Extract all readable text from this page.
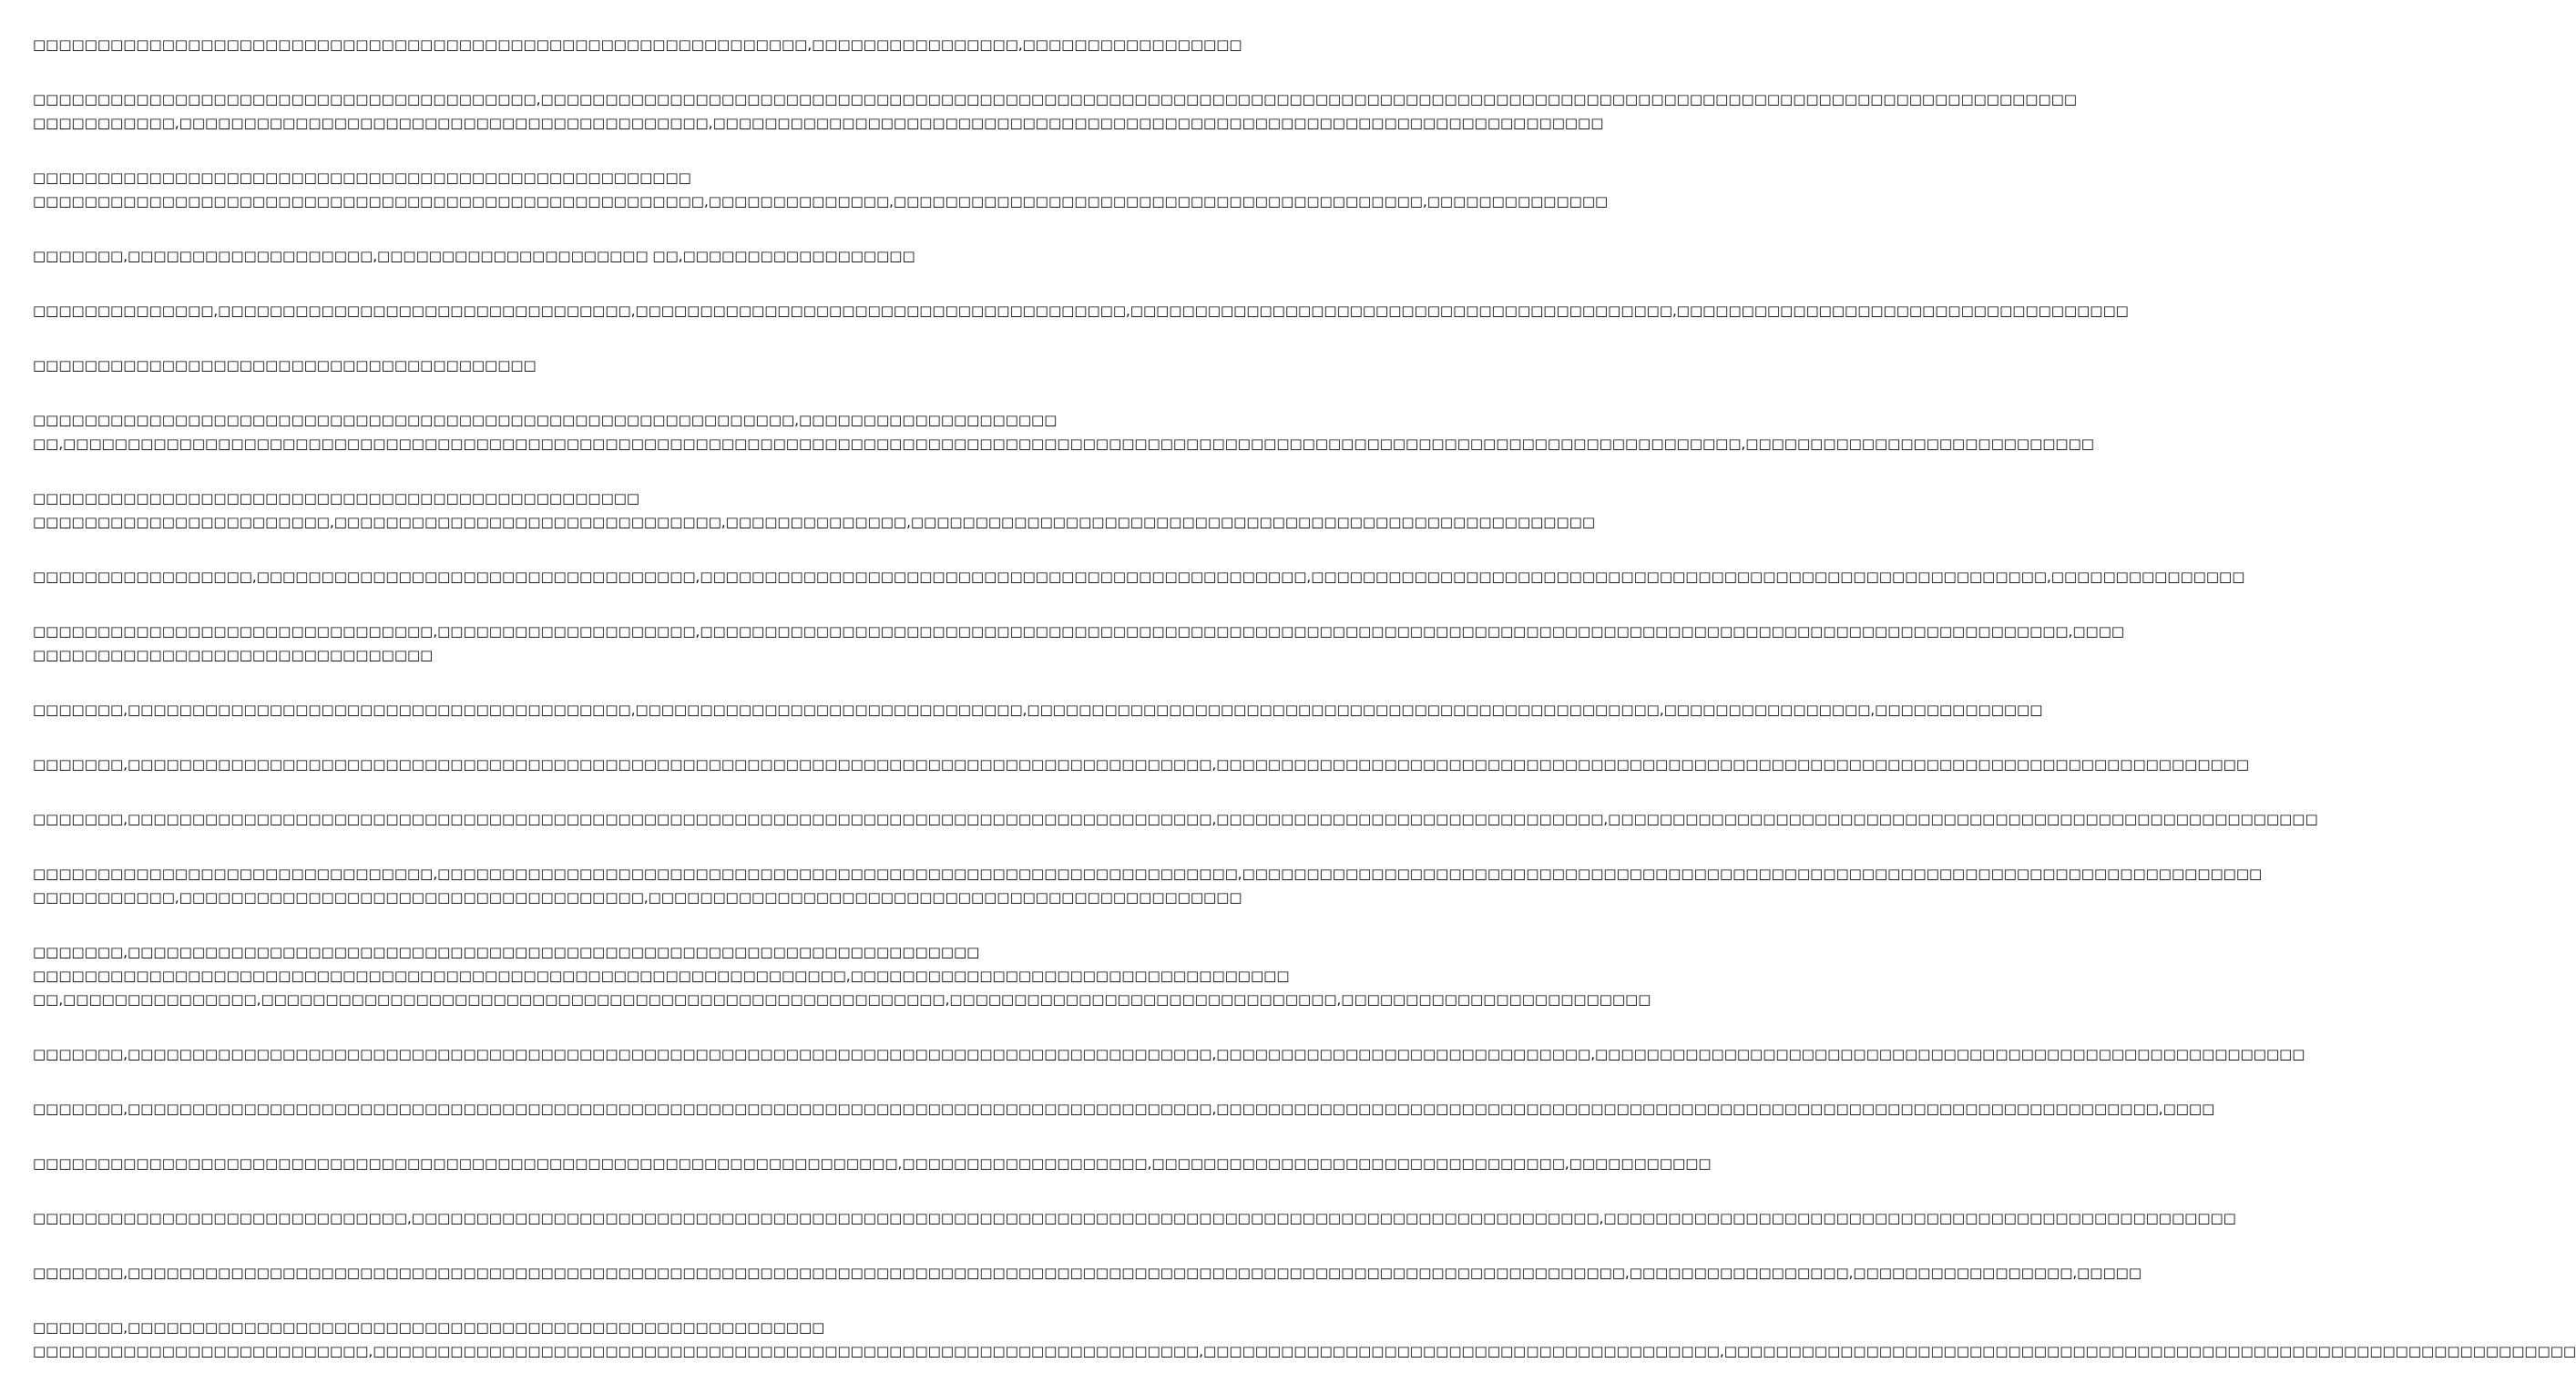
□□□□□□□□□□□□□□□□□□□□□□□□□□□□□□□□□□□□□□□□□□□□□□□□□□□□□□□□□□□□,□□□□□□□□□□□□□□□□,□□□□□□□□□□□□□□□□□
□□□□□□□□□□□□□□□□□□□□□□□□□□□□□□□□□□□□□□□,□□□□□□□□□□□□□□□□□□□□□□□□□□□□□□□□□□□□□□□□□□□□□□□□□□□□□□□□□□□□□□□□□□□□□□□□□□□□□□□□□□□□□□□□□□□□□□□□□□□□□□□□□□□□□□□□□□□□□□□
□□□□□□□□□□□,□□□□□□□□□□□□□□□□□□□□□□□□□□□□□□□□□□□□□□□□□,□□□□□□□□□□□□□□□□□□□□□□□□□□□□□□□□□□□□□□□□□□□□□□□□□□□□□□□□□□□□□□□□□□□□□
□□□□□□□□□□□□□□□□□□□□□□□□□□□□□□□□□□□□□□□□□□□□□□□□□□□
□□□□□□□□□□□□□□□□□□□□□□□□□□□□□□□□□□□□□□□□□□□□□□□□□□□□,□□□□□□□□□□□□□□,□□□□□□□□□□□□□□□□□□□□□□□□□□□□□□□□□□□□□□□□□,□□□□□□□□□□□□□□
□□□□□□□,□□□□□□□□□□□□□□□□□□□,□□□□□□□□□□□□□□□□□□□□□ □□,□□□□□□□□□□□□□□□□□□
□□□□□□□□□□□□□□,□□□□□□□□□□□□□□□□□□□□□□□□□□□□□□□□,□□□□□□□□□□□□□□□□□□□□□□□□□□□□□□□□□□□□□□,□□□□□□□□□□□□□□□□□□□□□□□□□□□□□□□□□□□□□□□□□□,□□□□□□□□□□□□□□□□□□□□□□□□□□□□□□□□□□□
□□□□□□□□□□□□□□□□□□□□□□□□□□□□□□□□□□□□□□□
□□□□□□□□□□□□□□□□□□□□□□□□□□□□□□□□□□□□□□□□□□□□□□□□□□□□□□□□□□□,□□□□□□□□□□□□□□□□□□□□
□□,□□□□□□□□□□□□□□□□□□□□□□□□□□□□□□□□□□□□□□□□□□□□□□□□□□□□□□□□□□□□□□□□□□□□□□□□□□□□□□□□□□□□□□□□□□□□□□□□□□□□□□□□□□□□□□□□□□□□□□□□□□□□□□□□□□,□□□□□□□□□□□□□□□□□□□□□□□□□□□
□□□□□□□□□□□□□□□□□□□□□□□□□□□□□□□□□□□□□□□□□□□□□□□
□□□□□□□□□□□□□□□□□□□□□□□,□□□□□□□□□□□□□□□□□□□□□□□□□□□□□□,□□□□□□□□□□□□□□,□□□□□□□□□□□□□□□□□□□□□□□□□□□□□□□□□□□□□□□□□□□□□□□□□□□□□
□□□□□□□□□□□□□□□□□,□□□□□□□□□□□□□□□□□□□□□□□□□□□□□□□□□□,□□□□□□□□□□□□□□□□□□□□□□□□□□□□□□□□□□□□□□□□□□□□□□□,□□□□□□□□□□□□□□□□□□□□□□□□□□□□□□□□□□□□□□□□□□□□□□□□□□□□□□□□□,□□□□□□□□□□□□□□□
□□□□□□□□□□□□□□□□□□□□□□□□□□□□□□□,□□□□□□□□□□□□□□□□□□□□,□□□□□□□□□□□□□□□□□□□□□□□□□□□□□□□□□□□□□□□□□□□□□□□□□□□□□□□□□□□□□□□□□□□□□□□□□□□□□□□□□□□□□□□□□□□□□□□□□□□□□□□□□□,□□□□
□□□□□□□□□□□□□□□□□□□□□□□□□□□□□□□
□□□□□□□,□□□□□□□□□□□□□□□□□□□□□□□□□□□□□□□□□□□□□□□,□□□□□□□□□□□□□□□□□□□□□□□□□□□□□□,□□□□□□□□□□□□□□□□□□□□□□□□□□□□□□□□□□□□□□□□□□□□□□□□□,□□□□□□□□□□□□□□□□,□□□□□□□□□□□□□
□□□□□□□,□□□□□□□□□□□□□□□□□□□□□□□□□□□□□□□□□□□□□□□□□□□□□□□□□□□□□□□□□□□□□□□□□□□□□□□□□□□□□□□□□□□□,□□□□□□□□□□□□□□□□□□□□□□□□□□□□□□□□□□□□□□□□□□□□□□□□□□□□□□□□□□□□□□□□□□□□□□□□□□□□□□□□
□□□□□□□,□□□□□□□□□□□□□□□□□□□□□□□□□□□□□□□□□□□□□□□□□□□□□□□□□□□□□□□□□□□□□□□□□□□□□□□□□□□□□□□□□□□□,□□□□□□□□□□□□□□□□□□□□□□□□□□□□□□,□□□□□□□□□□□□□□□□□□□□□□□□□□□□□□□□□□□□□□□□□□□□□□□□□□□□□□□
□□□□□□□□□□□□□□□□□□□□□□□□□□□□□□□,□□□□□□□□□□□□□□□□□□□□□□□□□□□□□□□□□□□□□□□□□□□□□□□□□□□□□□□□□□□□□□,□□□□□□□□□□□□□□□□□□□□□□□□□□□□□□□□□□□□□□□□□□□□□□□□□□□□□□□□□□□□□□□□□□□□□□□□□□□□□□□
□□□□□□□□□□□,□□□□□□□□□□□□□□□□□□□□□□□□□□□□□□□□□□□□,□□□□□□□□□□□□□□□□□□□□□□□□□□□□□□□□□□□□□□□□□□□□□□
□□□□□□□,□□□□□□□□□□□□□□□□□□□□□□□□□□□□□□□□□□□□□□□□□□□□□□□□□□□□□□□□□□□□□□□□□□
□□□□□□□□□□□□□□□□□□□□□□□□□□□□□□□□□□□□□□□□□□□□□□□□□□□□□□□□□□□□□□□,□□□□□□□□□□□□□□□□□□□□□□□□□□□□□□□□□□
□□,□□□□□□□□□□□□□□□,□□□□□□□□□□□□□□□□□□□□□□□□□□□□□□□□□□□□□□□□□□□□□□□□□□□□□,□□□□□□□□□□□□□□□□□□□□□□□□□□□□□□,□□□□□□□□□□□□□□□□□□□□□□□□
□□□□□□□,□□□□□□□□□□□□□□□□□□□□□□□□□□□□□□□□□□□□□□□□□□□□□□□□□□□□□□□□□□□□□□□□□□□□□□□□□□□□□□□□□□□□,□□□□□□□□□□□□□□□□□□□□□□□□□□□□□,□□□□□□□□□□□□□□□□□□□□□□□□□□□□□□□□□□□□□□□□□□□□□□□□□□□□□□□
□□□□□□□,□□□□□□□□□□□□□□□□□□□□□□□□□□□□□□□□□□□□□□□□□□□□□□□□□□□□□□□□□□□□□□□□□□□□□□□□□□□□□□□□□□□□,□□□□□□□□□□□□□□□□□□□□□□□□□□□□□□□□□□□□□□□□□□□□□□□□□□□□□□□□□□□□□□□□□□□□□□□□□,□□□□
□□□□□□□□□□□□□□□□□□□□□□□□□□□□□□□□□□□□□□□□□□□□□□□□□□□□□□□□□□□□□□□□□□□,□□□□□□□□□□□□□□□□□□□,□□□□□□□□□□□□□□□□□□□□□□□□□□□□□□□□,□□□□□□□□□□□
□□□□□□□□□□□□□□□□□□□□□□□□□□□□□,□□□□□□□□□□□□□□□□□□□□□□□□□□□□□□□□□□□□□□□□□□□□□□□□□□□□□□□□□□□□□□□□□□□□□□□□□□□□□□□□□□□□□□□□□□□□,□□□□□□□□□□□□□□□□□□□□□□□□□□□□□□□□□□□□□□□□□□□□□□□□□
□□□□□□□,□□□□□□□□□□□□□□□□□□□□□□□□□□□□□□□□□□□□□□□□□□□□□□□□□□□□□□□□□□□□□□□□□□□□□□□□□□□□□□□□□□□□□□□□□□□□□□□□□□□□□□□□□□□□□□□□□□□□,□□□□□□□□□□□□□□□□□,□□□□□□□□□□□□□□□□□,□□□□□
□□□□□□□,□□□□□□□□□□□□□□□□□□□□□□□□□□□□□□□□□□□□□□□□□□□□□□□□□□□□□□
□□□□□□□□□□□□□□□□□□□□□□□□□□,□□□□□□□□□□□□□□□□□□□□□□□□□□□□□□□□□□□□□□□□□□□□□□□□□□□□□□□□□□□□□□□□,□□□□□□□□□□□□□□□□□□□□□□□□□□□□□□□□□□□□□□□□,□□□□□□□□□□□□□□□□□□□□□□□□□□□□□□□□□□□□□□□□□□□□□□□□□□□□□□□□□□□□□□□□□□
